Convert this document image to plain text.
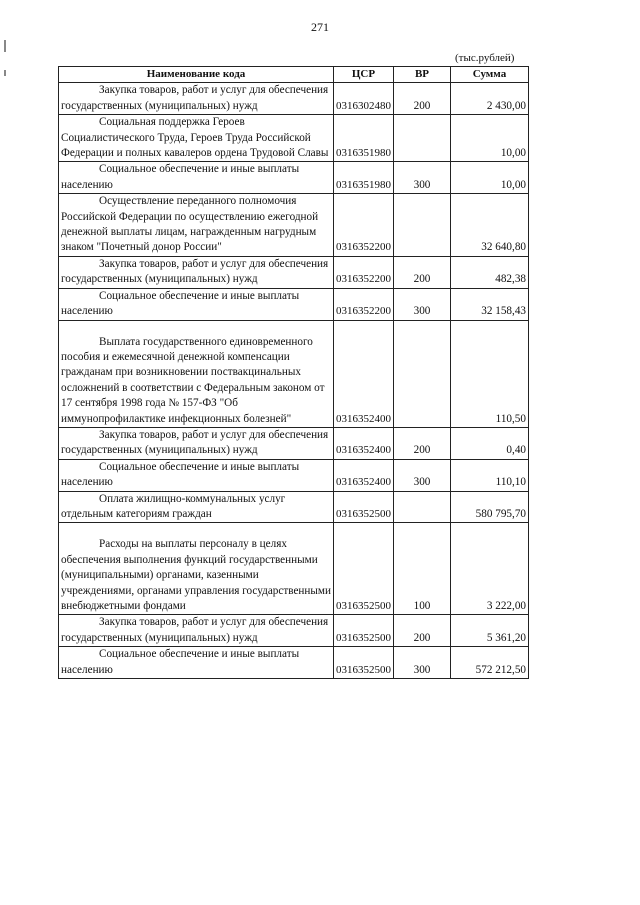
271
(тыс.рублей)
Наименование кода	ЦСР	ВР	Сумма
Закупка товаров, работ и услуг для обеспечения государственных (муниципальных) нужд	0316302480	200	2 430,00
Социальная поддержка Героев Социалистического Труда, Героев Труда Российской Федерации и полных кавалеров ордена Трудовой Славы	0316351980		10,00
Социальное обеспечение и иные выплаты населению	0316351980	300	10,00
Осуществление переданного полномочия Российской Федерации по осуществлению ежегодной денежной выплаты лицам, награжденным нагрудным знаком "Почетный донор России"	0316352200		32 640,80
Закупка товаров, работ и услуг для обеспечения государственных (муниципальных) нужд	0316352200	200	482,38
Социальное обеспечение и иные выплаты населению	0316352200	300	32 158,43
Выплата государственного единовременного пособия и ежемесячной денежной компенсации гражданам при возникновении поствакцинальных осложнений в соответствии с Федеральным законом от 17 сентября 1998 года № 157-ФЗ "Об иммунопрофилактике инфекционных болезней"	0316352400		110,50
Закупка товаров, работ и услуг для обеспечения государственных (муниципальных) нужд	0316352400	200	0,40
Социальное обеспечение и иные выплаты населению	0316352400	300	110,10
Оплата жилищно-коммунальных услуг отдельным категориям граждан	0316352500		580 795,70
Расходы на выплаты персоналу в целях обеспечения выполнения функций государственными (муниципальными) органами, казенными учреждениями, органами управления государственными внебюджетными фондами	0316352500	100	3 222,00
Закупка товаров, работ и услуг для обеспечения государственных (муниципальных) нужд	0316352500	200	5 361,20
Социальное обеспечение и иные выплаты населению	0316352500	300	572 212,50
